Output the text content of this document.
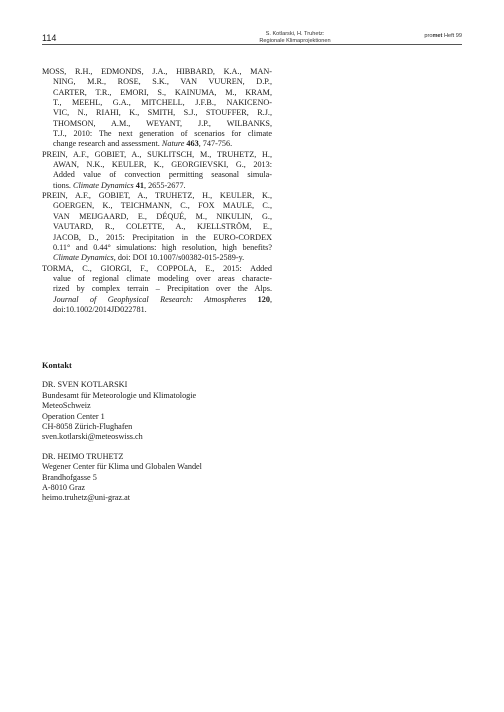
114	S. Kotlarski, H. Truhetz:
Regionale Klimaprojektionen
promet Heft 99
MOSS, R.H., EDMONDS, J.A., HIBBARD, K.A., MAN-
NING, M.R., ROSE, S.K., VAN VUUREN, D.P.,
CARTER, T.R., EMORI, S., KAINUMA, M., KRAM,
T., MEEHL, G.A., MITCHELL, J.F.B., NAKICENO-
VIC, N., RIAHI, K., SMITH, S.J., STOUFFER, R.J.,
THOMSON, A.M., WEYANT, J.P., WILBANKS,
T.J., 2010: The next generation of scenarios for climate
change research and assessment. Nature 463, 747-756.
PREIN, A.F., GOBIET, A., SUKLITSCH, M., TRUHETZ, H.,
AWAN, N.K., KEULER, K., GEORGIEVSKI, G., 2013:
Added value of convection permitting seasonal simula-
tions. Climate Dynamics 41, 2655-2677.
PREIN, A.F., GOBIET, A., TRUHETZ, H., KEULER, K.,
GOERGEN, K., TEICHMANN, C., FOX MAULE, C.,
VAN MEIJGAARD, E., DÉQUÉ, M., NIKULIN, G.,
VAUTARD, R., COLETTE, A., KJELLSTRÖM, E.,
JACOB, D., 2015: Precipitation in the EURO-CORDEX
0.11° and 0.44° simulations: high resolution, high benefits?
Climate Dynamics, doi: DOI 10.1007/s00382-015-2589-y.
TORMA, C., GIORGI, F., COPPOLA, E., 2015: Added
value of regional climate modeling over areas characte-
rized by complex terrain – Precipitation over the Alps.
Journal of Geophysical Research: Atmospheres 120,
doi:10.1002/2014JD022781.
Kontakt
DR. SVEN KOTLARSKI
Bundesamt für Meteorologie und Klimatologie
MeteoSchweiz
Operation Center 1
CH-8058 Zürich-Flughafen
sven.kotlarski@meteoswiss.ch
DR. HEIMO TRUHETZ
Wegener Center für Klima und Globalen Wandel
Brandhofgasse 5
A-8010 Graz
heimo.truhetz@uni-graz.at
